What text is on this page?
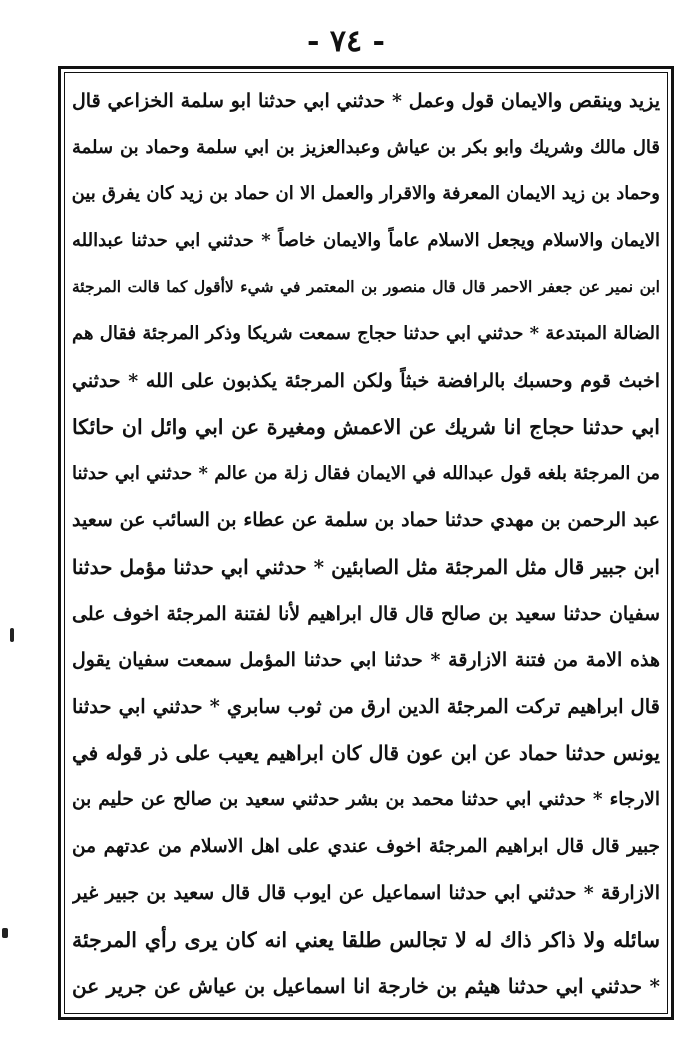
- ٧٤ -
يزيد وينقص والايمان قول وعمل * حدثني ابي حدثنا ابو سلمة الخزاعي قال
قال مالك وشريك وابو بكر بن عياش وعبدالعزيز بن ابي سلمة وحماد بن سلمة
وحماد بن زيد الايمان المعرفة والاقرار والعمل الا ان حماد بن زيد كان يفرق بين
الايمان والاسلام ويجعل الاسلام عاماً والايمان خاصاً * حدثني ابي حدثنا عبدالله
ابن نمير عن جعفر الاحمر قال قال منصور بن المعتمر في شيء لاأقول كما قالت المرجئة
الضالة المبتدعة * حدثني ابي حدثنا حجاج سمعت شريكا وذكر المرجئة فقال هم
اخبث قوم وحسبك بالرافضة خبثاً ولكن المرجئة يكذبون على الله * حدثني
ابي حدثنا حجاج انا شريك عن الاعمش ومغيرة عن ابي وائل ان حائكا
من المرجئة بلغه قول عبدالله في الايمان فقال زلة من عالم * حدثني ابي حدثنا
عبد الرحمن بن مهدي حدثنا حماد بن سلمة عن عطاء بن السائب عن سعيد
ابن جبير قال مثل المرجئة مثل الصابئين * حدثني ابي حدثنا مؤمل حدثنا
سفيان حدثنا سعيد بن صالح قال قال ابراهيم لأنا لفتنة المرجئة اخوف على
هذه الامة من فتنة الازارقة * حدثنا ابي حدثنا المؤمل سمعت سفيان يقول
قال ابراهيم تركت المرجئة الدين ارق من ثوب سابري * حدثني ابي حدثنا
يونس حدثنا حماد عن ابن عون قال كان ابراهيم يعيب على ذر قوله في
الارجاء * حدثني ابي حدثنا محمد بن بشر حدثني سعيد بن صالح عن حليم بن
جبير قال قال ابراهيم المرجئة اخوف عندي على اهل الاسلام من عدتهم من
الازارقة * حدثني ابي حدثنا اسماعيل عن ايوب قال قال سعيد بن جبير غير
سائله ولا ذاكر ذاك له لا تجالس طلقا يعني انه كان يرى رأي المرجئة
* حدثني ابي حدثنا هيثم بن خارجة انا اسماعيل بن عياش عن جرير عن
